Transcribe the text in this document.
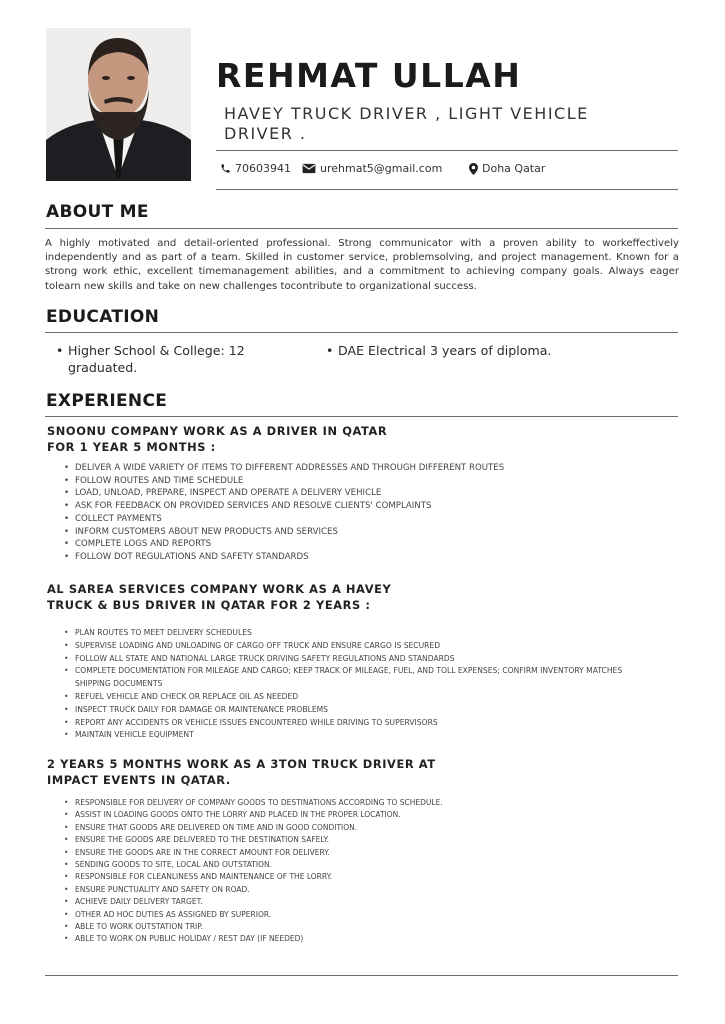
REHMAT ULLAH

HAVEY TRUCK DRIVER , LIGHT VEHICLE DRIVER .

70603941	urehmat5@gmail.com	Doha Qatar
ABOUT ME

A highly motivated and detail-oriented professional. Strong communicator with a proven ability to workeffectively independently and as part of a team. Skilled in customer service, problemsolving, and project management. Known for a strong work ethic, excellent timemanagement abilities, and a commitment to achieving company goals. Always eager tolearn new skills and take on new challenges tocontribute to organizational success.

EDUCATION
• Higher School & College: 12 graduated.
• DAE Electrical 3 years of diploma.
EXPERIENCE

SNOONU COMPANY WORK AS A DRIVER IN QATAR FOR 1 YEAR 5 MONTHS :

• DELIVER A WIDE VARIETY OF ITEMS TO DIFFERENT ADDRESSES AND THROUGH DIFFERENT ROUTES
• FOLLOW ROUTES AND TIME SCHEDULE
• LOAD, UNLOAD, PREPARE, INSPECT AND OPERATE A DELIVERY VEHICLE
• ASK FOR FEEDBACK ON PROVIDED SERVICES AND RESOLVE CLIENTS' COMPLAINTS
• COLLECT PAYMENTS
• INFORM CUSTOMERS ABOUT NEW PRODUCTS AND SERVICES
• COMPLETE LOGS AND REPORTS
• FOLLOW DOT REGULATIONS AND SAFETY STANDARDS

AL SAREA SERVICES COMPANY WORK AS A HAVEY TRUCK & BUS DRIVER IN QATAR FOR 2 YEARS :

• PLAN ROUTES TO MEET DELIVERY SCHEDULES
• SUPERVISE LOADING AND UNLOADING OF CARGO OFF TRUCK AND ENSURE CARGO IS SECURED
• FOLLOW ALL STATE AND NATIONAL LARGE TRUCK DRIVING SAFETY REGULATIONS AND STANDARDS
• COMPLETE DOCUMENTATION FOR MILEAGE AND CARGO; KEEP TRACK OF MILEAGE, FUEL, AND TOLL EXPENSES; CONFIRM INVENTORY MATCHES SHIPPING DOCUMENTS
• REFUEL VEHICLE AND CHECK OR REPLACE OIL AS NEEDED
• INSPECT TRUCK DAILY FOR DAMAGE OR MAINTENANCE PROBLEMS
• REPORT ANY ACCIDENTS OR VEHICLE ISSUES ENCOUNTERED WHILE DRIVING TO SUPERVISORS
• MAINTAIN VEHICLE EQUIPMENT

2 YEARS 5 MONTHS WORK AS A 3TON TRUCK DRIVER AT IMPACT EVENTS IN QATAR.

• RESPONSIBLE FOR DELIVERY OF COMPANY GOODS TO DESTINATIONS ACCORDING TO SCHEDULE.
• ASSIST IN LOADING GOODS ONTO THE LORRY AND PLACED IN THE PROPER LOCATION.
• ENSURE THAT GOODS ARE DELIVERED ON TIME AND IN GOOD CONDITION.
• ENSURE THE GOODS ARE DELIVERED TO THE DESTINATION SAFELY.
• ENSURE THE GOODS ARE IN THE CORRECT AMOUNT FOR DELIVERY.
• SENDING GOODS TO SITE, LOCAL AND OUTSTATION.
• RESPONSIBLE FOR CLEANLINESS AND MAINTENANCE OF THE LORRY.
• ENSURE PUNCTUALITY AND SAFETY ON ROAD.
• ACHIEVE DAILY DELIVERY TARGET.
• OTHER AD HOC DUTIES AS ASSIGNED BY SUPERIOR.
• ABLE TO WORK OUTSTATION TRIP.
• ABLE TO WORK ON PUBLIC HOLIDAY / REST DAY (IF NEEDED)
